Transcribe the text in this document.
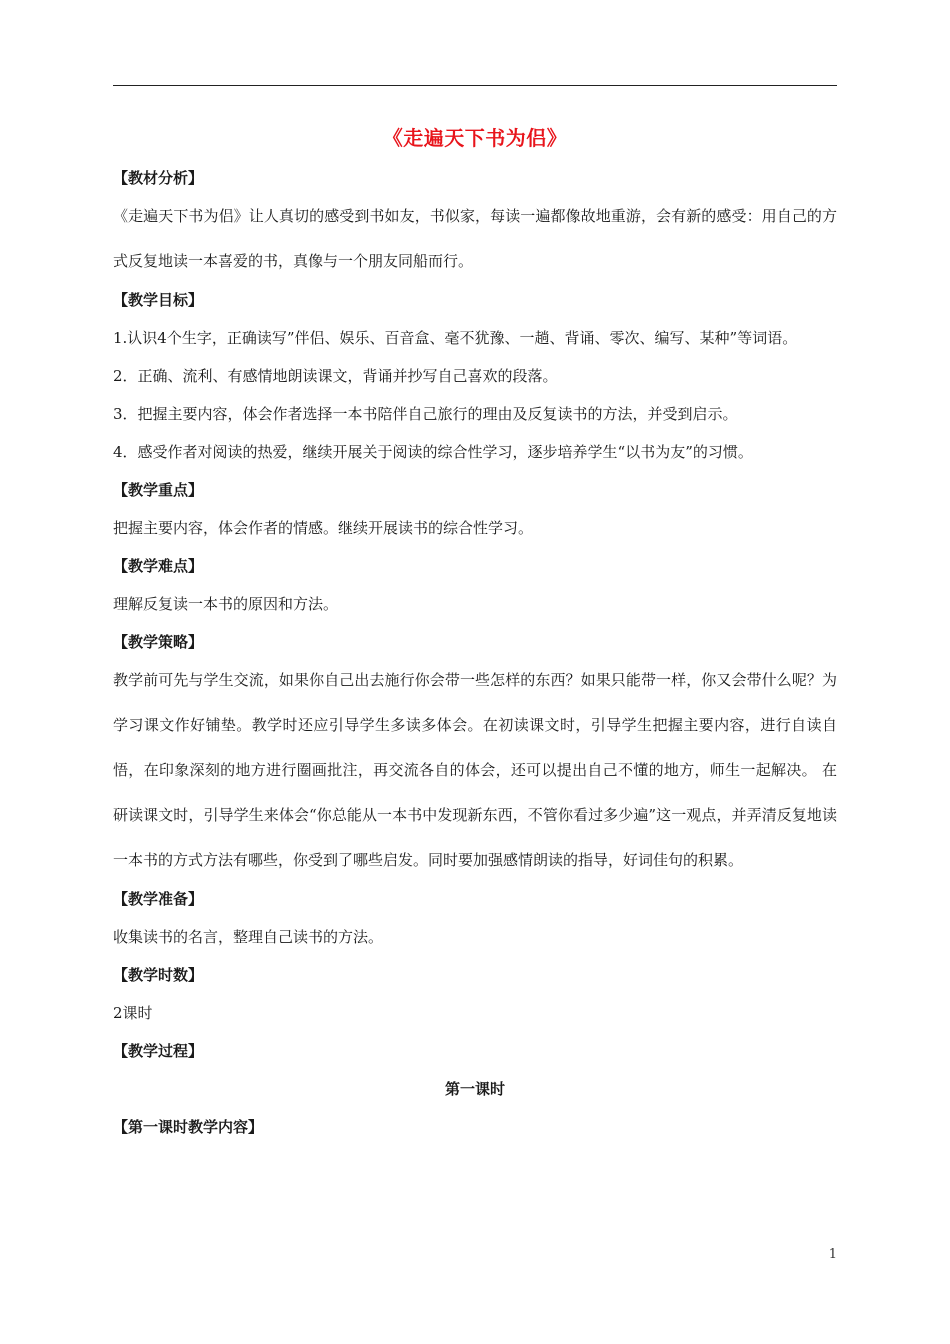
《走遍天下书为侣》
【教材分析】
《走遍天下书为侣》让人真切的感受到书如友，书似家，每读一遍都像故地重游，会有新的感受：用自己的方式反复地读一本喜爱的书，真像与一个朋友同船而行。
【教学目标】
1.认识4个生字，正确读写”伴侣、娱乐、百音盒、毫不犹豫、一趟、背诵、零次、编写、某种”等词语。
2．正确、流利、有感情地朗读课文，背诵并抄写自己喜欢的段落。
3．把握主要内容，体会作者选择一本书陪伴自己旅行的理由及反复读书的方法，并受到启示。
4．感受作者对阅读的热爱，继续开展关于阅读的综合性学习，逐步培养学生“以书为友”的习惯。
【教学重点】
把握主要内容，体会作者的情感。继续开展读书的综合性学习。
【教学难点】
理解反复读一本书的原因和方法。
【教学策略】
教学前可先与学生交流，如果你自己出去施行你会带一些怎样的东西？如果只能带一样，你又会带什么呢？为学习课文作好铺垫。教学时还应引导学生多读多体会。在初读课文时，引导学生把握主要内容，进行自读自悟，在印象深刻的地方进行圈画批注，再交流各自的体会，还可以提出自己不懂的地方，师生一起解决。 在研读课文时，引导学生来体会“你总能从一本书中发现新东西，不管你看过多少遍”这一观点，并弄清反复地读一本书的方式方法有哪些，你受到了哪些启发。同时要加强感情朗读的指导，好词佳句的积累。
【教学准备】
收集读书的名言，整理自己读书的方法。
【教学时数】
2课时
【教学过程】
第一课时
【第一课时教学内容】
1
